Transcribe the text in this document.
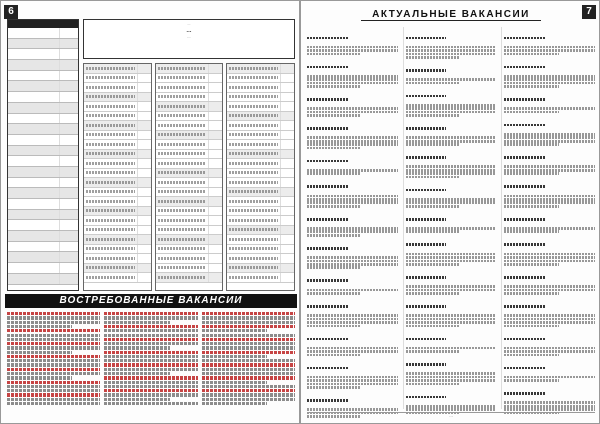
6
…
…
…
ВОСТРЕБОВАННЫЕ ВАКАНСИИ
7
АКТУАЛЬНЫЕ ВАКАНСИИ
…
